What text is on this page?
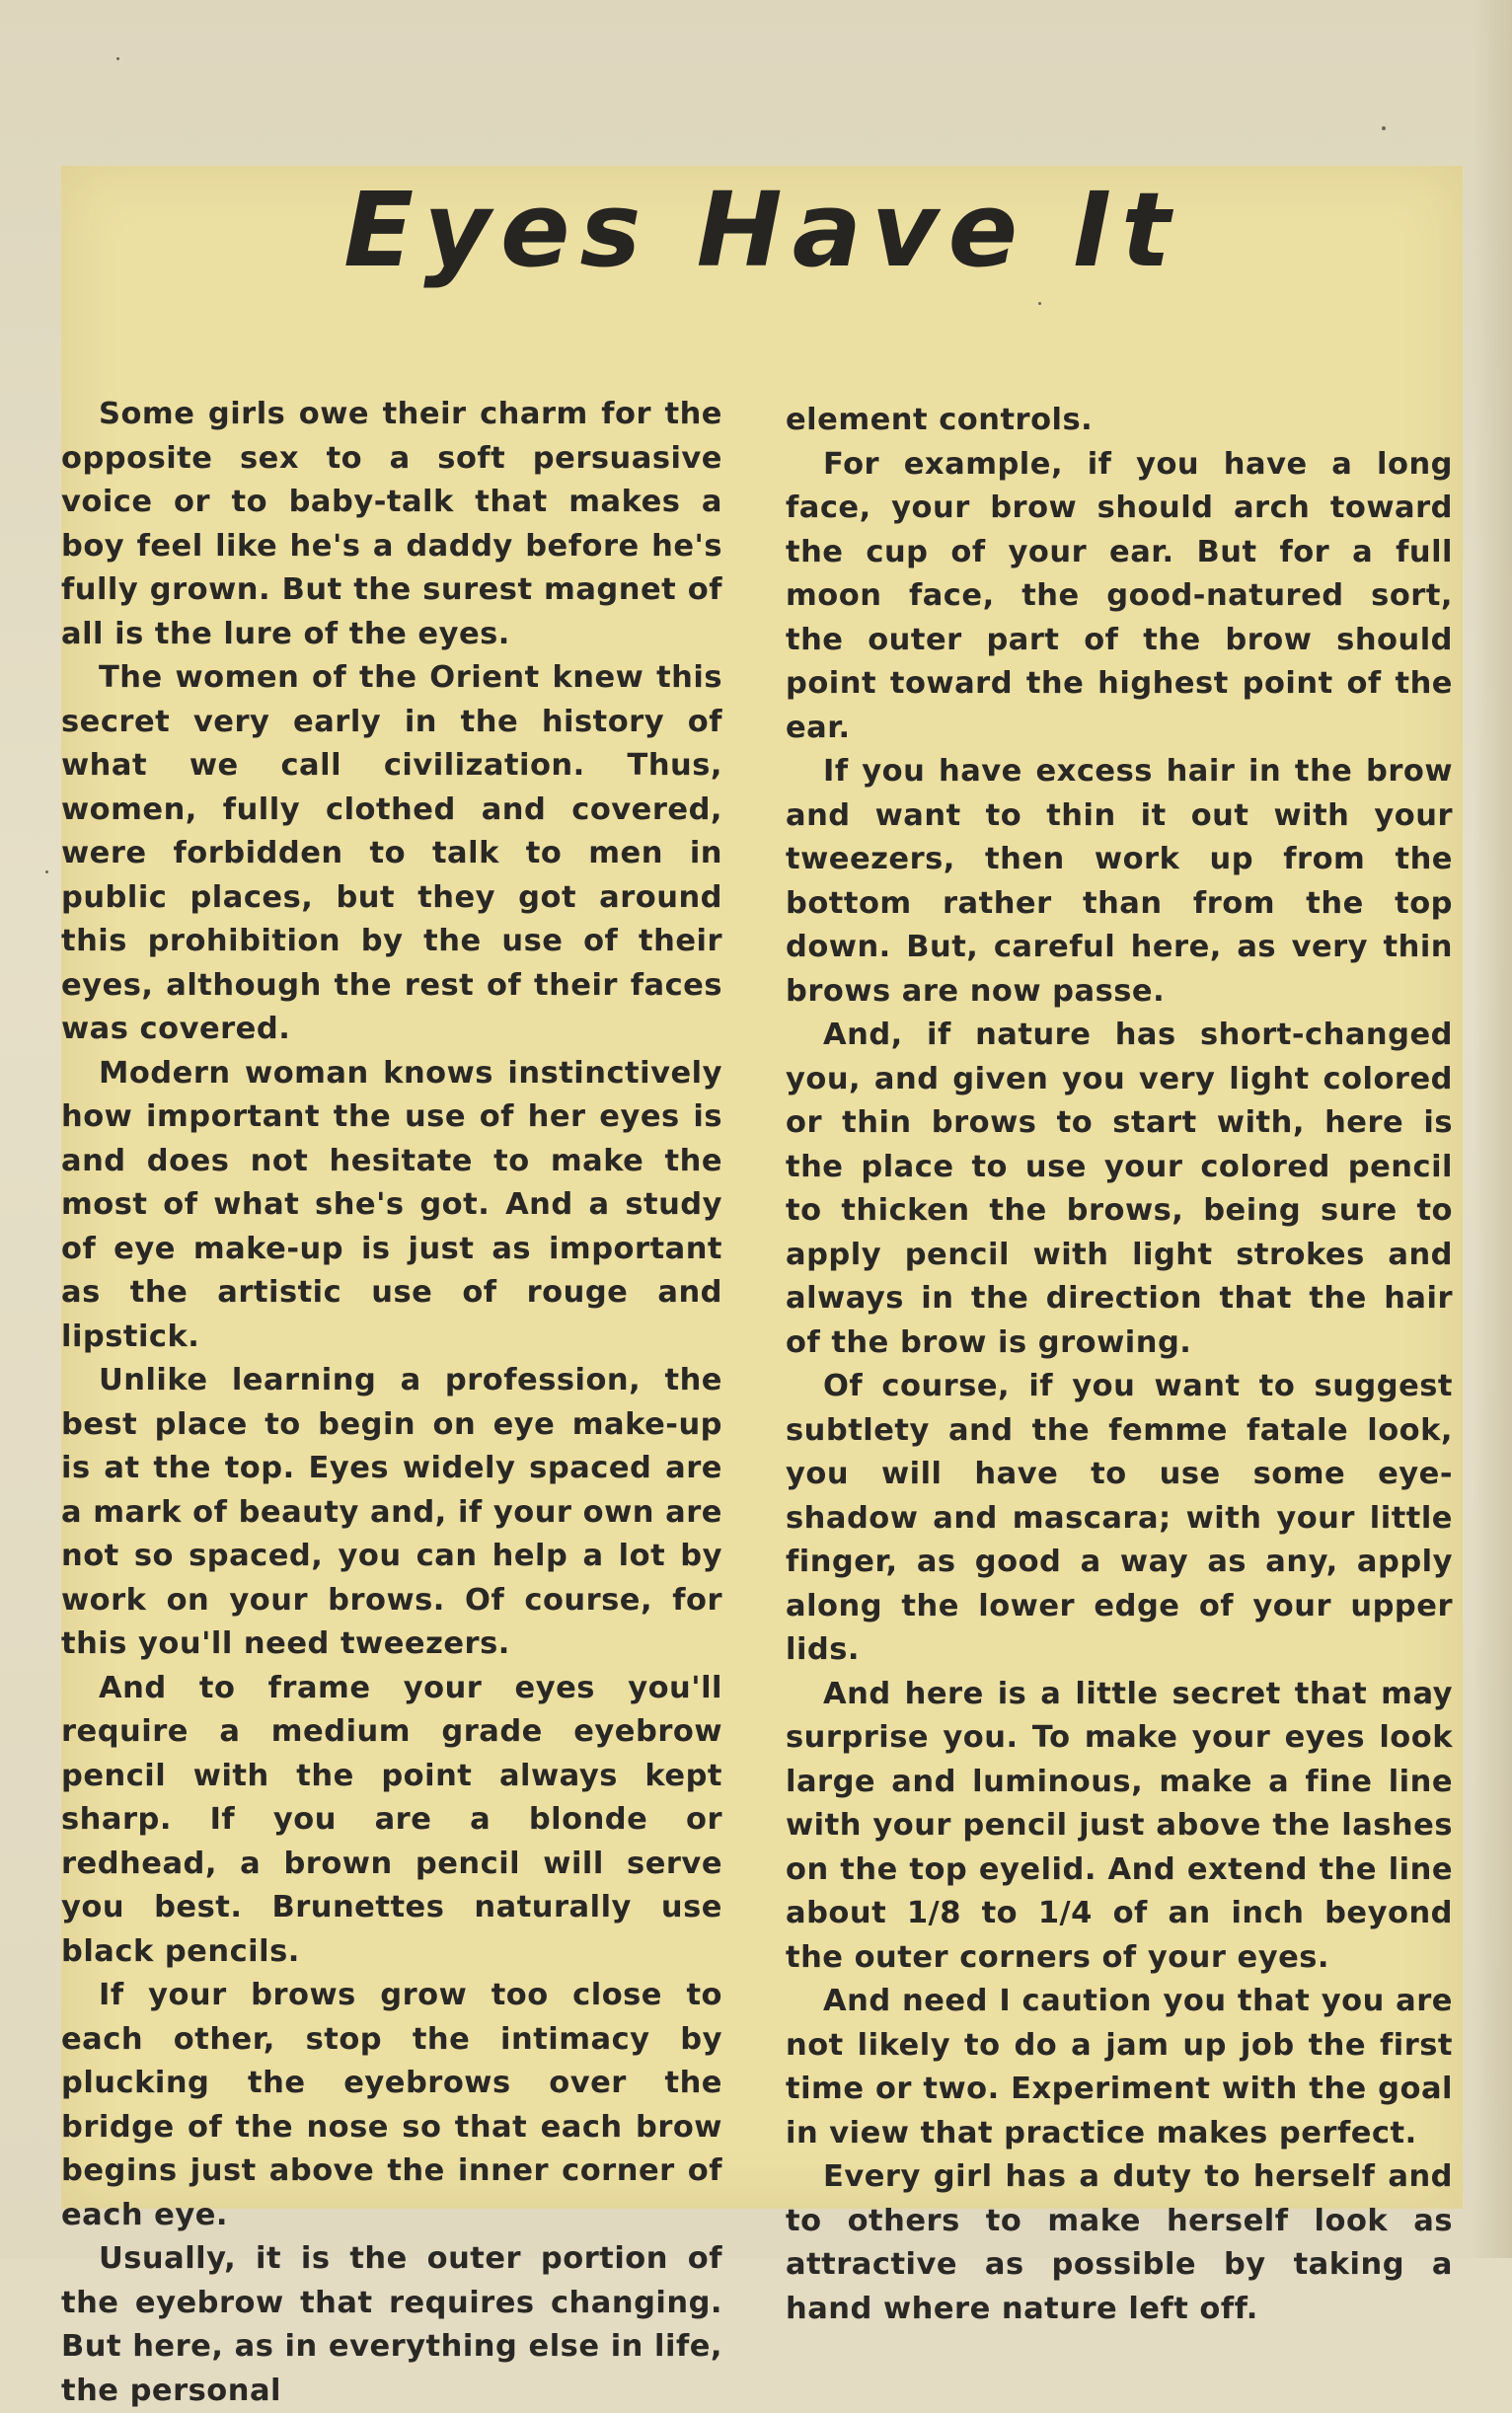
Eyes Have It

Some girls owe their charm for the opposite sex to a soft persuasive voice or to baby-talk that makes a boy feel like he's a daddy before he's fully grown. But the surest magnet of all is the lure of the eyes.

The women of the Orient knew this secret very early in the history of what we call civilization. Thus, women, fully clothed and covered, were forbidden to talk to men in public places, but they got around this prohibition by the use of their eyes, although the rest of their faces was covered.

Modern woman knows instinctively how important the use of her eyes is and does not hesitate to make the most of what she's got. And a study of eye make-up is just as important as the artistic use of rouge and lipstick.

Unlike learning a profession, the best place to begin on eye make-up is at the top. Eyes widely spaced are a mark of beauty and, if your own are not so spaced, you can help a lot by work on your brows. Of course, for this you'll need tweezers.

And to frame your eyes you'll require a medium grade eyebrow pencil with the point always kept sharp. If you are a blonde or redhead, a brown pencil will serve you best. Brunettes naturally use black pencils.

If your brows grow too close to each other, stop the intimacy by plucking the eyebrows over the bridge of the nose so that each brow begins just above the inner corner of each eye.

Usually, it is the outer portion of the eyebrow that requires changing. But here, as in everything else in life, the personal

element controls.

For example, if you have a long face, your brow should arch toward the cup of your ear. But for a full moon face, the good-natured sort, the outer part of the brow should point toward the highest point of the ear.

If you have excess hair in the brow and want to thin it out with your tweezers, then work up from the bottom rather than from the top down. But, careful here, as very thin brows are now passe.

And, if nature has short-changed you, and given you very light colored or thin brows to start with, here is the place to use your colored pencil to thicken the brows, being sure to apply pencil with light strokes and always in the direction that the hair of the brow is growing.

Of course, if you want to suggest subtlety and the femme fatale look, you will have to use some eye-shadow and mascara; with your little finger, as good a way as any, apply along the lower edge of your upper lids.

And here is a little secret that may surprise you. To make your eyes look large and luminous, make a fine line with your pencil just above the lashes on the top eyelid. And extend the line about 1/8 to 1/4 of an inch beyond the outer corners of your eyes.

And need I caution you that you are not likely to do a jam up job the first time or two. Experiment with the goal in view that practice makes perfect.

Every girl has a duty to herself and to others to make herself look as attractive as possible by taking a hand where nature left off.
